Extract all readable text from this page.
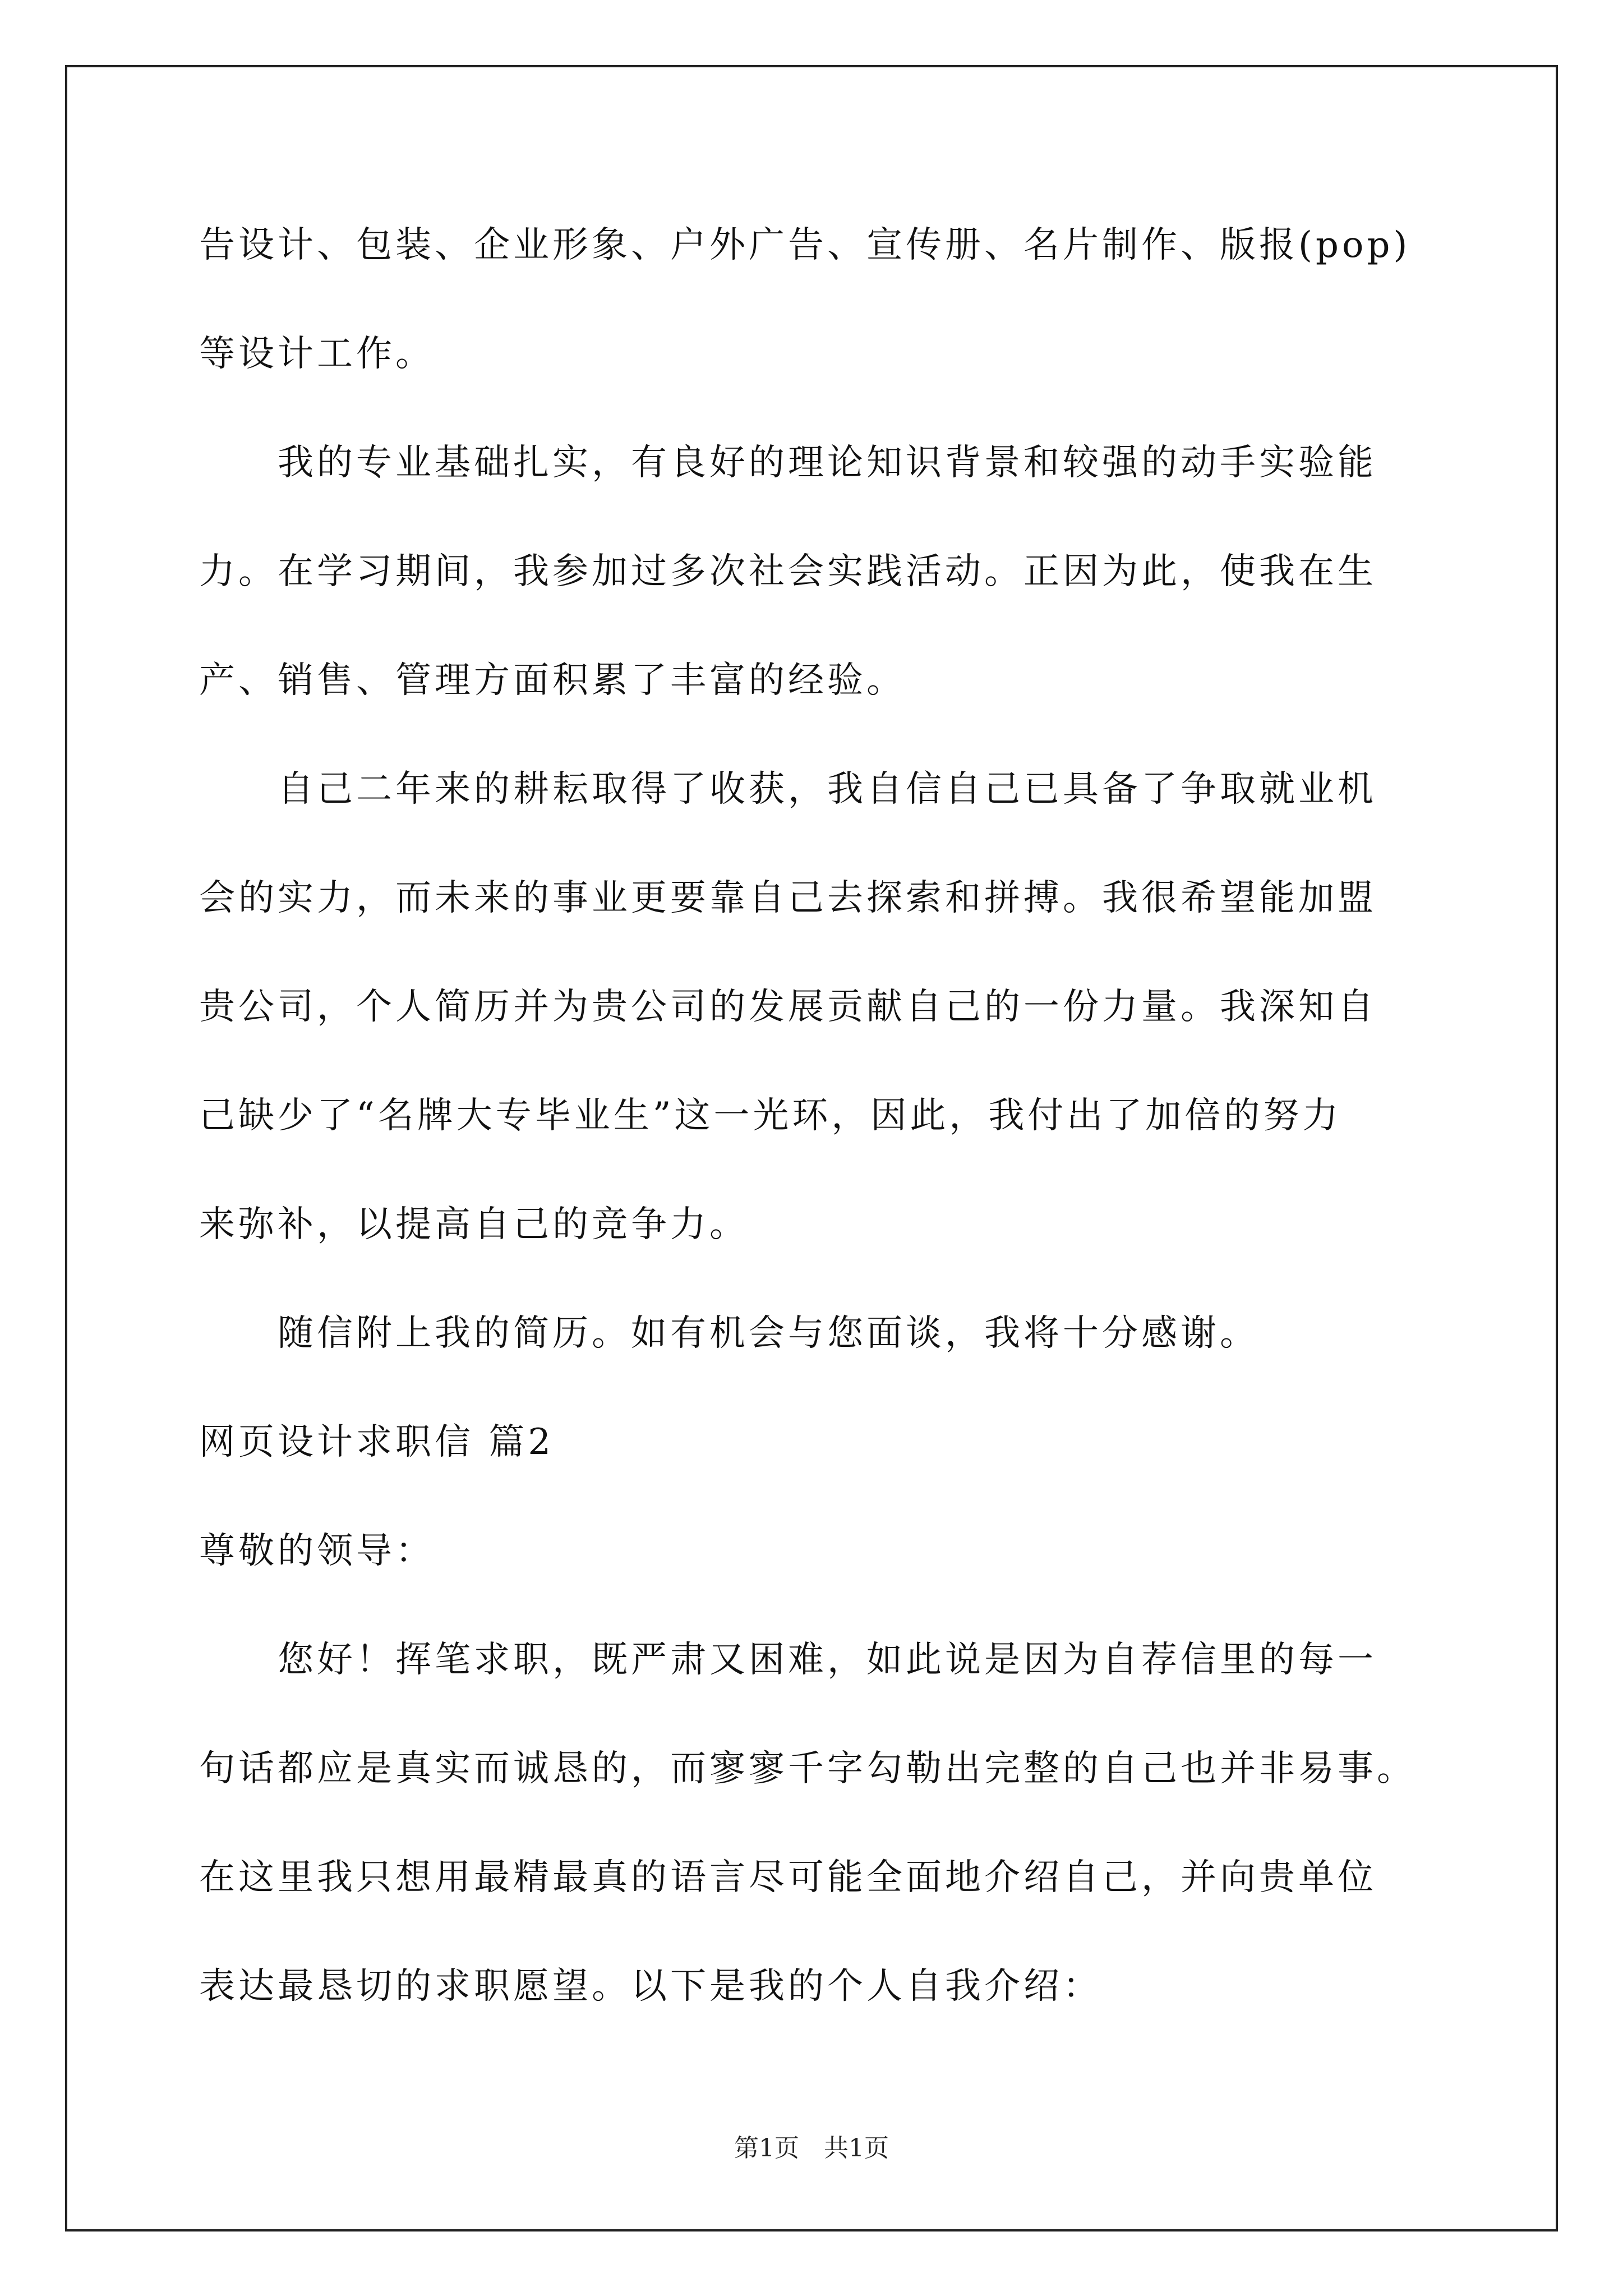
告设计、包装、企业形象、户外广告、宣传册、名片制作、版报(pop)
等设计工作。
我的专业基础扎实，有良好的理论知识背景和较强的动手实验能
力。在学习期间，我参加过多次社会实践活动。正因为此，使我在生
产、销售、管理方面积累了丰富的经验。
自己二年来的耕耘取得了收获，我自信自己已具备了争取就业机
会的实力，而未来的事业更要靠自己去探索和拼搏。我很希望能加盟
贵公司，个人简历并为贵公司的发展贡献自己的一份力量。我深知自
己缺少了“名牌大专毕业生”这一光环，因此，我付出了加倍的努力
来弥补，以提高自己的竞争力。
随信附上我的简历。如有机会与您面谈，我将十分感谢。
网页设计求职信 篇2
尊敬的领导：
您好！挥笔求职，既严肃又困难，如此说是因为自荐信里的每一
句话都应是真实而诚恳的，而寥寥千字勾勒出完整的自己也并非易事。
在这里我只想用最精最真的语言尽可能全面地介绍自己，并向贵单位
表达最恳切的求职愿望。以下是我的个人自我介绍：
第1页　共1页
